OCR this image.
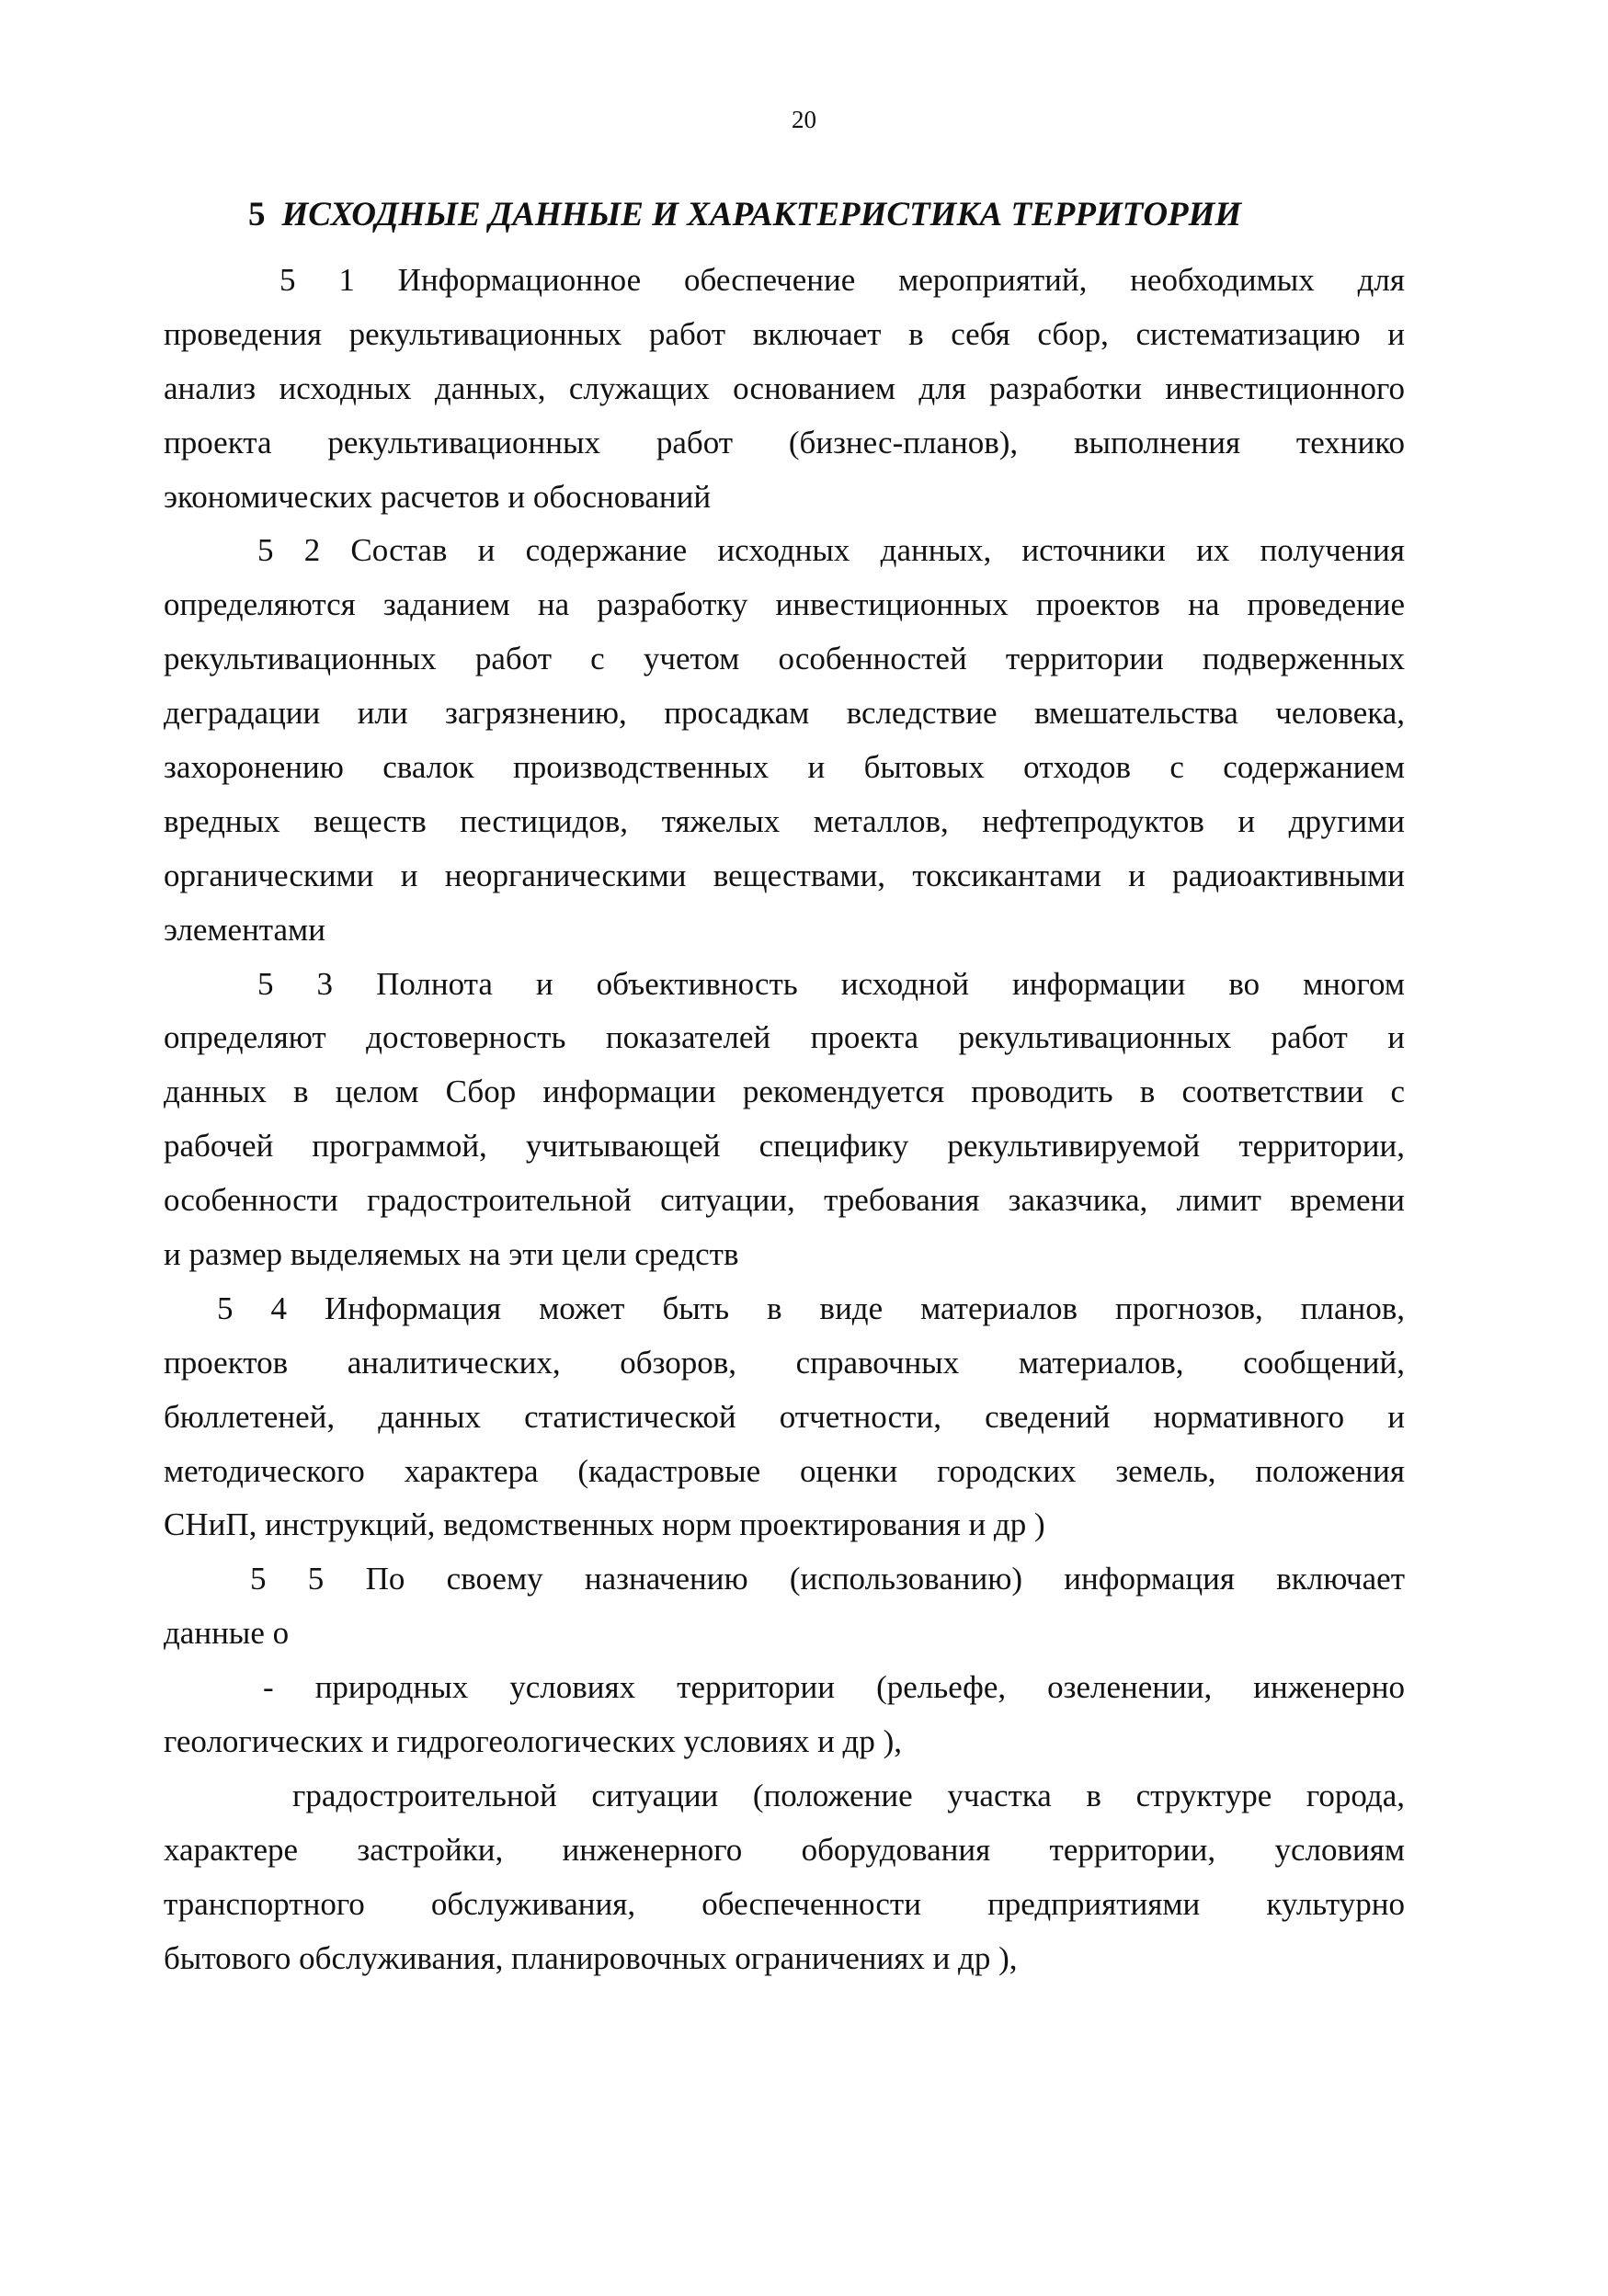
20
5 ИСХОДНЫЕ ДАННЫЕ И ХАРАКТЕРИСТИКА ТЕРРИТОРИИ
5 1 Информационное обеспечение мероприятий, необходимых для
проведения рекультивационных работ включает в себя сбор, систематизацию и
анализ исходных данных, служащих основанием для разработки инвестиционного
проекта рекультивационных работ (бизнес-планов), выполнения технико
экономических расчетов и обоснований
5 2 Состав и содержание исходных данных, источники их получения
определяются заданием на разработку инвестиционных проектов на проведение
рекультивационных работ с учетом особенностей территории подверженных
деградации или загрязнению, просадкам вследствие вмешательства человека,
захоронению свалок производственных и бытовых отходов с содержанием
вредных веществ пестицидов, тяжелых металлов, нефтепродуктов и другими
органическими и неорганическими веществами, токсикантами и радиоактивными
элементами
5 3 Полнота и объективность исходной информации во многом
определяют достоверность показателей проекта рекультивационных работ и
данных в целом Сбор информации рекомендуется проводить в соответствии с
рабочей программой, учитывающей специфику рекультивируемой территории,
особенности градостроительной ситуации, требования заказчика, лимит времени
и размер выделяемых на эти цели средств
5 4 Информация может быть в виде материалов прогнозов, планов,
проектов аналитических, обзоров, справочных материалов, сообщений,
бюллетеней, данных статистической отчетности, сведений нормативного и
методического характера (кадастровые оценки городских земель, положения
СНиП, инструкций, ведомственных норм проектирования и др )
5 5 По своему назначению (использованию) информация включает
данные о
- природных условиях территории (рельефе, озеленении, инженерно
геологических и гидрогеологических условиях и др ),
градостроительной ситуации (положение участка в структуре города,
характере застройки, инженерного оборудования территории, условиям
транспортного обслуживания, обеспеченности предприятиями культурно
бытового обслуживания, планировочных ограничениях и др ),
